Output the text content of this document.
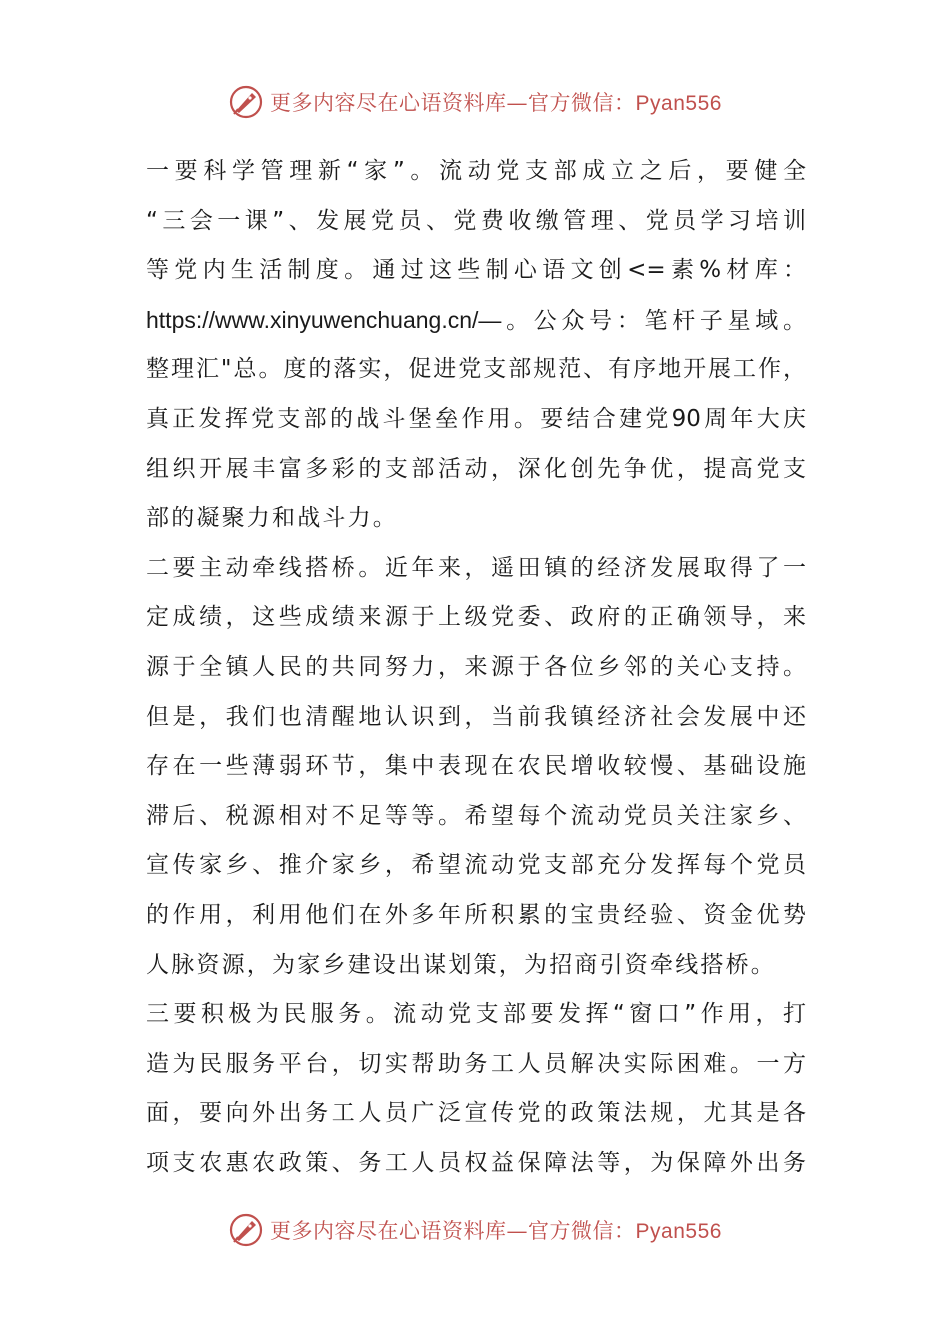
更多内容尽在心语资料库—官方微信：Pyan556
一要科学管理新“家”。流动党支部成立之后，要健全
“三会一课”、发展党员、党费收缴管理、党员学习培训
等党内生活制度。通过这些制心语文创<=素%材库：
https://www.xinyuwenchuang.cn/—。公众号：笔杆子星域。
整理汇"总。度的落实，促进党支部规范、有序地开展工作，
真正发挥党支部的战斗堡垒作用。要结合建党90周年大庆
组织开展丰富多彩的支部活动，深化创先争优，提高党支
部的凝聚力和战斗力。
二要主动牵线搭桥。近年来，遥田镇的经济发展取得了一
定成绩，这些成绩来源于上级党委、政府的正确领导，来
源于全镇人民的共同努力，来源于各位乡邻的关心支持。
但是，我们也清醒地认识到，当前我镇经济社会发展中还
存在一些薄弱环节，集中表现在农民增收较慢、基础设施
滞后、税源相对不足等等。希望每个流动党员关注家乡、
宣传家乡、推介家乡，希望流动党支部充分发挥每个党员
的作用，利用他们在外多年所积累的宝贵经验、资金优势
人脉资源，为家乡建设出谋划策，为招商引资牵线搭桥。
三要积极为民服务。流动党支部要发挥“窗口”作用，打
造为民服务平台，切实帮助务工人员解决实际困难。一方
面，要向外出务工人员广泛宣传党的政策法规，尤其是各
项支农惠农政策、务工人员权益保障法等，为保障外出务
更多内容尽在心语资料库—官方微信：Pyan556
